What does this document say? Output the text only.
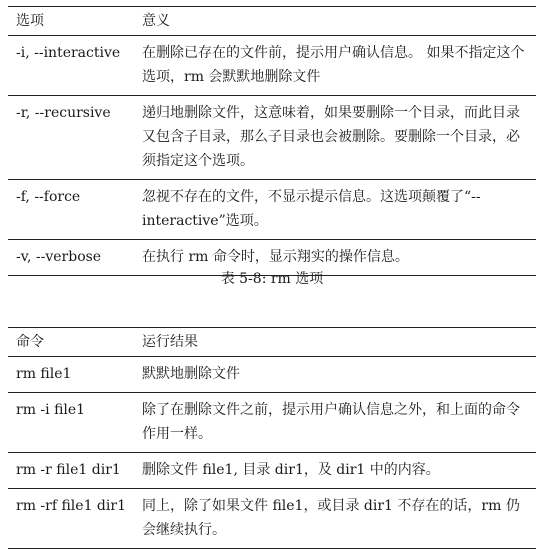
选项	意义
-i, --interactive	在删除已存在的文件前，提示用户确认信息。 如果不指定这个选项，rm 会默默地删除文件
-r, --recursive	递归地删除文件，这意味着，如果要删除一个目录，而此目录又包含子目录，那么子目录也会被删除。要删除一个目录，必须指定这个选项。
-f, --force	忽视不存在的文件，不显示提示信息。这选项颠覆了“--interactive”选项。
-v, --verbose	在执行 rm 命令时，显示翔实的操作信息。
表 5-8: rm 选项
命令	运行结果
rm file1	默默地删除文件
rm -i file1	除了在删除文件之前，提示用户确认信息之外，和上面的命令作用一样。
rm -r file1 dir1	删除文件 file1, 目录 dir1，及 dir1 中的内容。
rm -rf file1 dir1	同上，除了如果文件 file1，或目录 dir1 不存在的话，rm 仍会继续执行。
